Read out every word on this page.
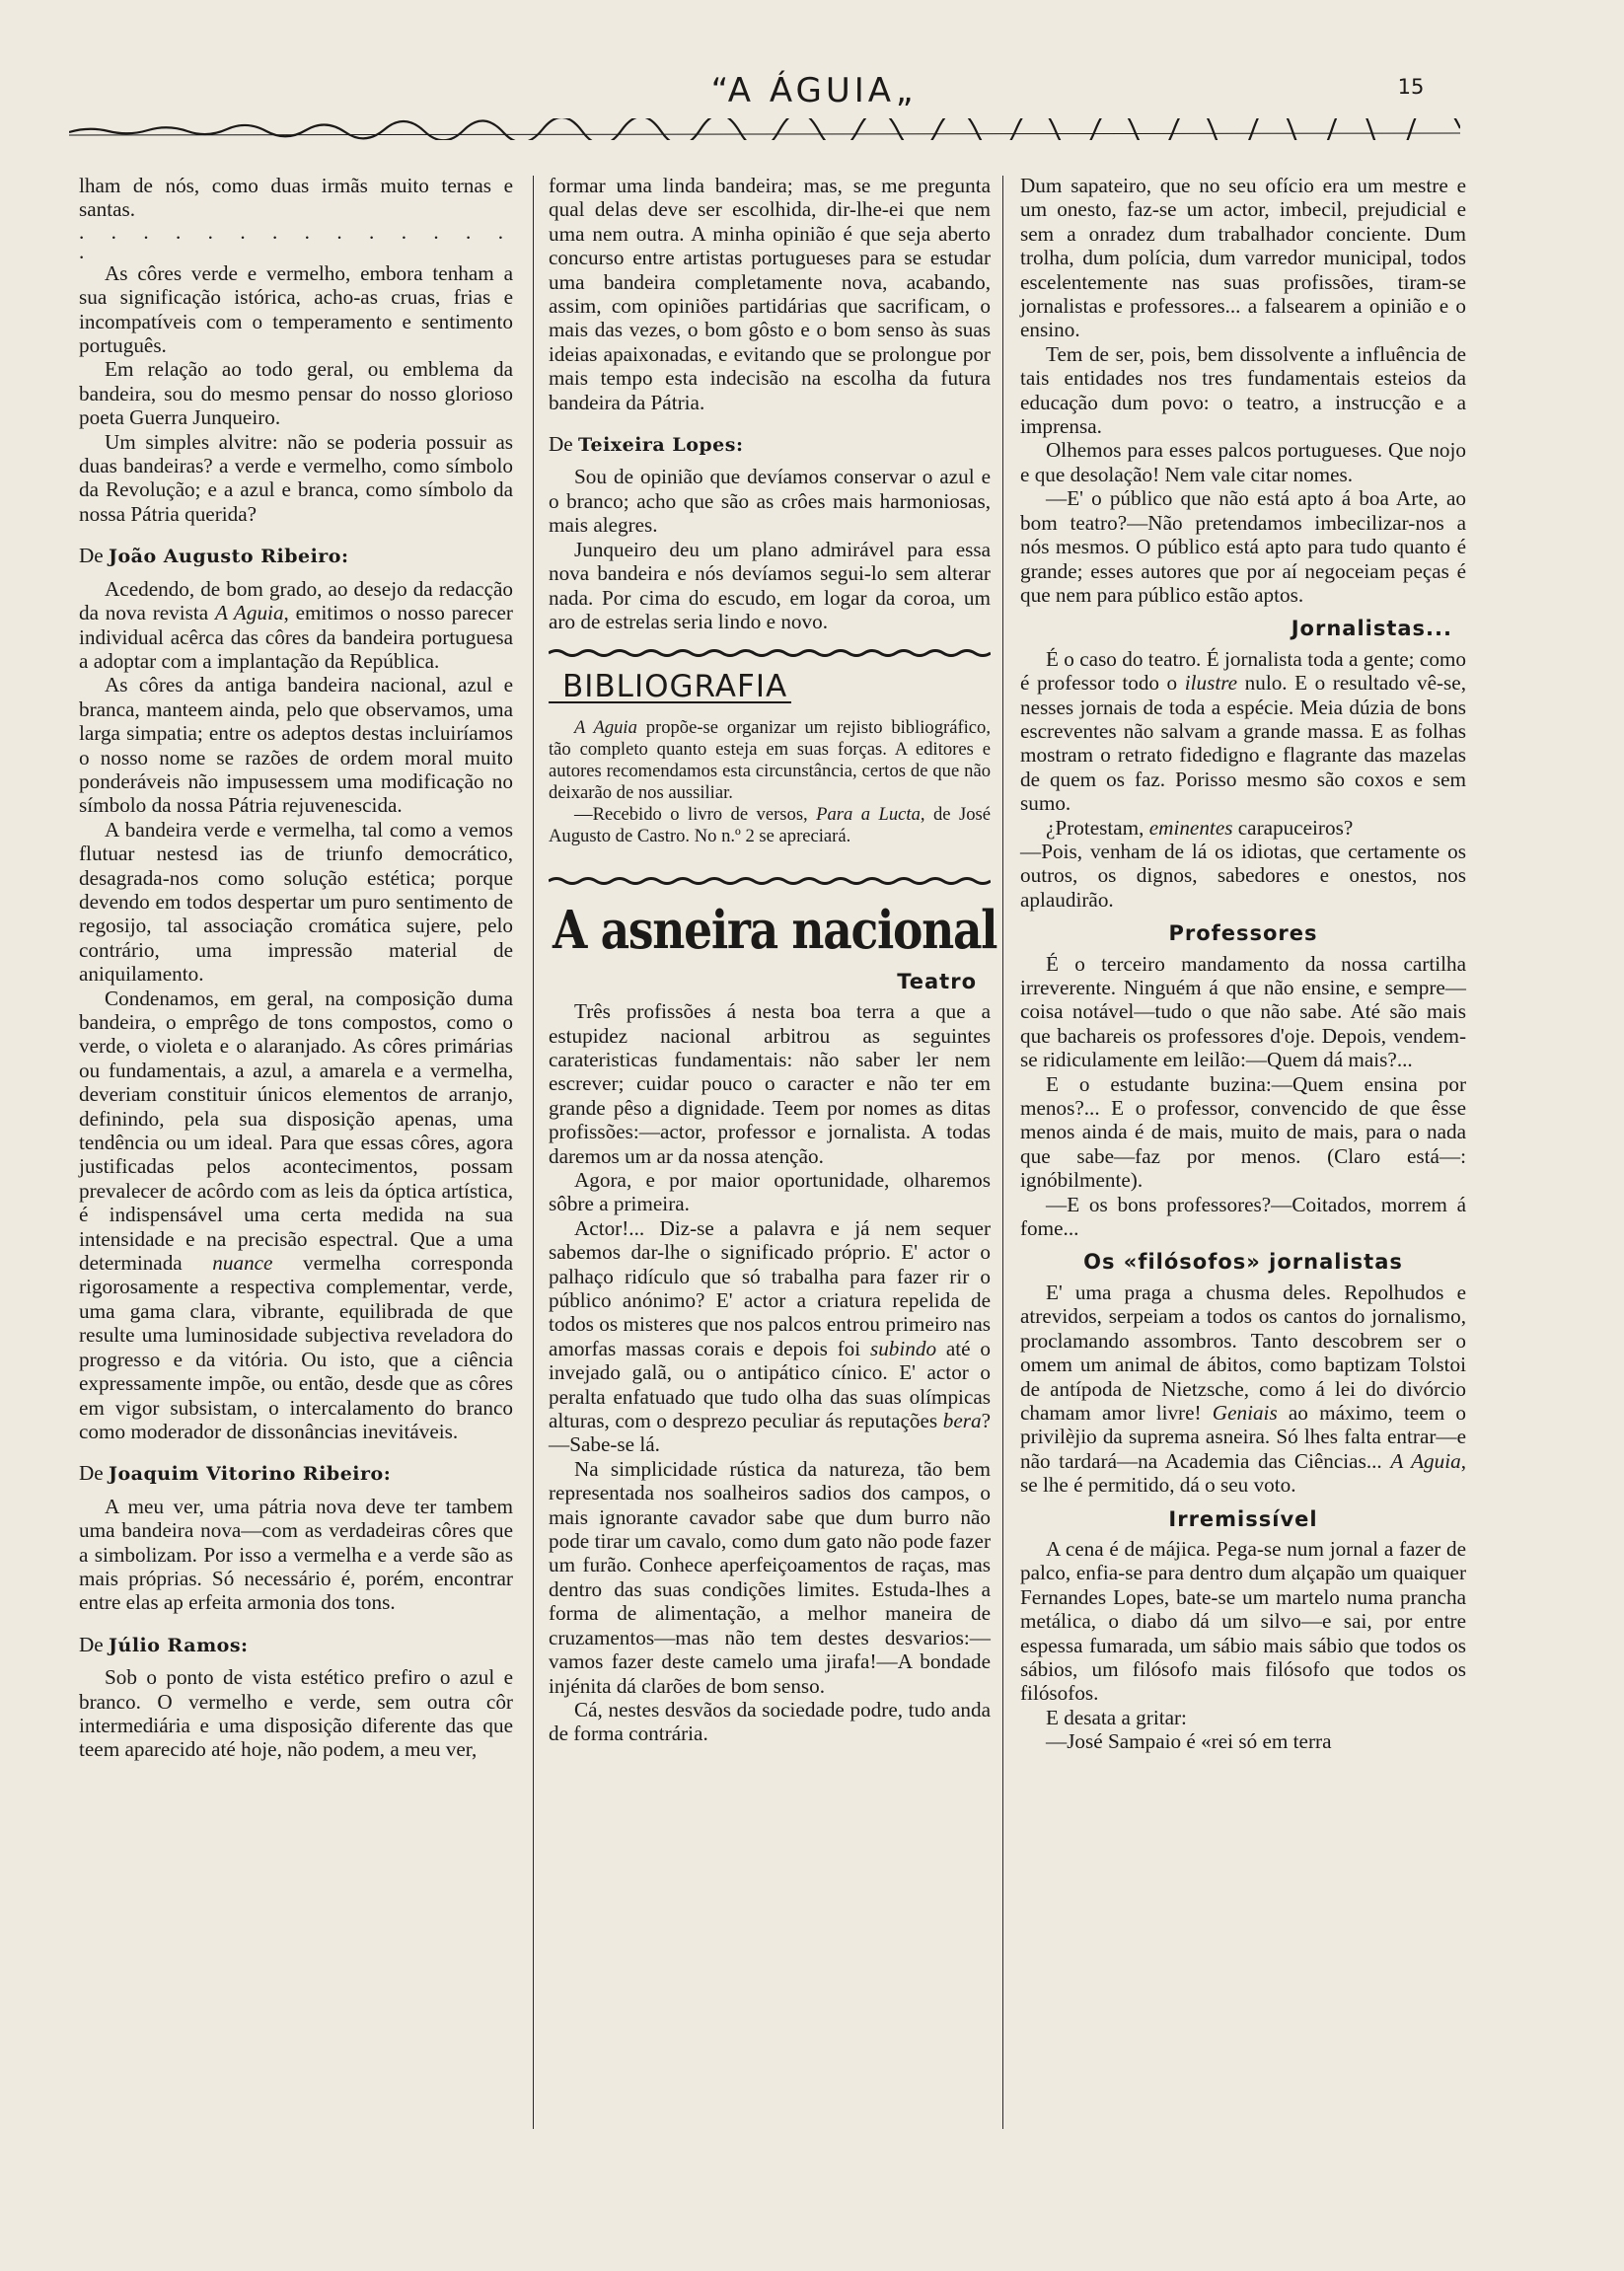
“A ÁGUIA„	15

lham de nós, como duas irmãs muito ternas e santas.

. . . . . . . . . . . . . . .

As côres verde e vermelho, embora tenham a sua significação istórica, acho-as cruas, frias e incompatíveis com o temperamento e sentimento português.

Em relação ao todo geral, ou emblema da bandeira, sou do mesmo pensar do nosso glorioso poeta Guerra Junqueiro.

Um simples alvitre: não se poderia possuir as duas bandeiras? a verde e vermelho, como símbolo da Revolução; e a azul e branca, como símbolo da nossa Pátria querida?

De João Augusto Ribeiro:

Acedendo, de bom grado, ao desejo da redacção da nova revista A Aguia, emitimos o nosso parecer individual acêrca das côres da bandeira portuguesa a adoptar com a implantação da República.

As côres da antiga bandeira nacional, azul e branca, manteem ainda, pelo que observamos, uma larga simpatia; entre os adeptos destas incluiríamos o nosso nome se razões de ordem moral muito ponderáveis não impusessem uma modificação no símbolo da nossa Pátria rejuvenescida.

A bandeira verde e vermelha, tal como a vemos flutuar nestesd ias de triunfo democrático, desagrada-nos como solução estética; porque devendo em todos despertar um puro sentimento de regosijo, tal associação cromática sujere, pelo contrário, uma impressão material de aniquilamento.

Condenamos, em geral, na composição duma bandeira, o emprêgo de tons compostos, como o verde, o violeta e o alaranjado. As côres primárias ou fundamentais, a azul, a amarela e a vermelha, deveriam constituir únicos elementos de arranjo, definindo, pela sua disposição apenas, uma tendência ou um ideal. Para que essas côres, agora justificadas pelos acontecimentos, possam prevalecer de acôrdo com as leis da óptica artística, é indispensável uma certa medida na sua intensidade e na precisão espectral. Que a uma determinada nuance vermelha corresponda rigorosamente a respectiva complementar, verde, uma gama clara, vibrante, equilibrada de que resulte uma luminosidade subjectiva reveladora do progresso e da vitória. Ou isto, que a ciência expressamente impõe, ou então, desde que as côres em vigor subsistam, o intercalamento do branco como moderador de dissonâncias inevitáveis.

De Joaquim Vitorino Ribeiro:

A meu ver, uma pátria nova deve ter tambem uma bandeira nova—com as verdadeiras côres que a simbolizam. Por isso a vermelha e a verde são as mais próprias. Só necessário é, porém, encontrar entre elas ap erfeita armonia dos tons.

De Júlio Ramos:

Sob o ponto de vista estético prefiro o azul e branco. O vermelho e verde, sem outra côr intermediária e uma disposição diferente das que teem aparecido até hoje, não podem, a meu ver,

formar uma linda bandeira; mas, se me pregunta qual delas deve ser escolhida, dir-lhe-ei que nem uma nem outra. A minha opinião é que seja aberto concurso entre artistas portugueses para se estudar uma bandeira completamente nova, acabando, assim, com opiniões partidárias que sacrificam, o mais das vezes, o bom gôsto e o bom senso às suas ideias apaixonadas, e evitando que se prolongue por mais tempo esta indecisão na escolha da futura bandeira da Pátria.

De Teixeira Lopes:

Sou de opinião que devíamos conservar o azul e o branco; acho que são as crôes mais harmoniosas, mais alegres.

Junqueiro deu um plano admirável para essa nova bandeira e nós devíamos segui-lo sem alterar nada. Por cima do escudo, em logar da coroa, um aro de estrelas seria lindo e novo.

BIBLIOGRAFIA

A Aguia propõe-se organizar um rejisto bibliográfico, tão completo quanto esteja em suas forças. A editores e autores recomendamos esta circunstância, certos de que não deixarão de nos aussiliar.

—Recebido o livro de versos, Para a Lucta, de José Augusto de Castro. No n.º 2 se apreciará.

A asneira nacional

Teatro

Três profissões á nesta boa terra a que a estupidez nacional arbitrou as seguintes carateristicas fundamentais: não saber ler nem escrever; cuidar pouco o caracter e não ter em grande pêso a dignidade. Teem por nomes as ditas profissões:—actor, professor e jornalista. A todas daremos um ar da nossa atenção.

Agora, e por maior oportunidade, olharemos sôbre a primeira.

Actor!... Diz-se a palavra e já nem sequer sabemos dar-lhe o significado próprio. E' actor o palhaço ridículo que só trabalha para fazer rir o público anónimo? E' actor a criatura repelida de todos os misteres que nos palcos entrou primeiro nas amorfas massas corais e depois foi subindo até o invejado galã, ou o antipático cínico. E' actor o peralta enfatuado que tudo olha das suas olímpicas alturas, com o desprezo peculiar ás reputações bera?—Sabe-se lá.

Na simplicidade rústica da natureza, tão bem representada nos soalheiros sadios dos campos, o mais ignorante cavador sabe que dum burro não pode tirar um cavalo, como dum gato não pode fazer um furão. Conhece aperfeiçoamentos de raças, mas dentro das suas condições limites. Estuda-lhes a forma de alimentação, a melhor maneira de cruzamentos—mas não tem destes desvarios:—vamos fazer deste camelo uma jirafa!—A bondade injénita dá clarões de bom senso.

Cá, nestes desvãos da sociedade podre, tudo anda de forma contrária.

Dum sapateiro, que no seu ofício era um mestre e um onesto, faz-se um actor, imbecil, prejudicial e sem a onradez dum trabalhador conciente. Dum trolha, dum polícia, dum varredor municipal, todos escelentemente nas suas profissões, tiram-se jornalistas e professores... a falsearem a opinião e o ensino.

Tem de ser, pois, bem dissolvente a influência de tais entidades nos tres fundamentais esteios da educação dum povo: o teatro, a instrucção e a imprensa.

Olhemos para esses palcos portugueses. Que nojo e que desolação! Nem vale citar nomes.

—E' o público que não está apto á boa Arte, ao bom teatro?—Não pretendamos imbecilizar-nos a nós mesmos. O público está apto para tudo quanto é grande; esses autores que por aí negoceiam peças é que nem para público estão aptos.

Jornalistas...

É o caso do teatro. É jornalista toda a gente; como é professor todo o ilustre nulo. E o resultado vê-se, nesses jornais de toda a espécie. Meia dúzia de bons escreventes não salvam a grande massa. E as folhas mostram o retrato fidedigno e flagrante das mazelas de quem os faz. Porisso mesmo são coxos e sem sumo.

¿Protestam, eminentes carapuceiros?

—Pois, venham de lá os idiotas, que certamente os outros, os dignos, sabedores e onestos, nos aplaudirão.

Professores

É o terceiro mandamento da nossa cartilha irreverente. Ninguém á que não ensine, e sempre—coisa notável—tudo o que não sabe. Até são mais que bachareis os professores d'oje. Depois, vendem-se ridiculamente em leilão:—Quem dá mais?...

E o estudante buzina:—Quem ensina por menos?... E o professor, convencido de que êsse menos ainda é de mais, muito de mais, para o nada que sabe—faz por menos. (Claro está—: ignóbilmente).

—E os bons professores?—Coitados, morrem á fome...

Os «filósofos» jornalistas

E' uma praga a chusma deles. Repolhudos e atrevidos, serpeiam a todos os cantos do jornalismo, proclamando assombros. Tanto descobrem ser o omem um animal de ábitos, como baptizam Tolstoi de antípoda de Nietzsche, como á lei do divórcio chamam amor livre! Geniais ao máximo, teem o privilèjio da suprema asneira. Só lhes falta entrar—e não tardará—na Academia das Ciências... A Aguia, se lhe é permitido, dá o seu voto.

Irremissível

A cena é de májica. Pega-se num jornal a fazer de palco, enfia-se para dentro dum alçapão um quaiquer Fernandes Lopes, bate-se um martelo numa prancha metálica, o diabo dá um silvo—e sai, por entre espessa fumarada, um sábio mais sábio que todos os sábios, um filósofo mais filósofo que todos os filósofos.

E desata a gritar:

—José Sampaio é «rei só em terra
